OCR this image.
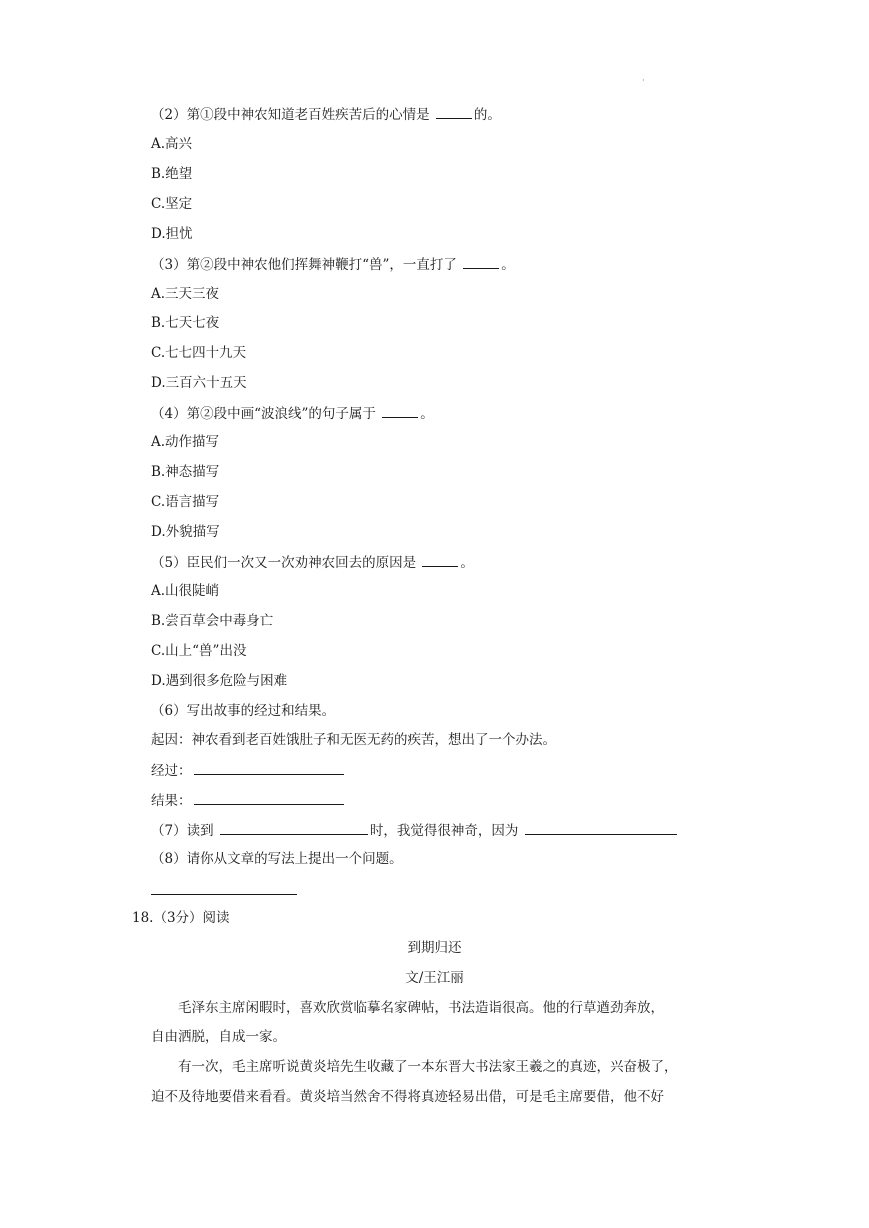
·
（2）第①段中神农知道老百姓疾苦后的心情是	的。
A.高兴
B.绝望
C.坚定
D.担忧
（3）第②段中神农他们挥舞神鞭打“兽”，一直打了	。
A.三天三夜
B.七天七夜
C.七七四十九天
D.三百六十五天
（4）第②段中画“波浪线”的句子属于	。
A.动作描写
B.神态描写
C.语言描写
D.外貌描写
（5）臣民们一次又一次劝神农回去的原因是	。
A.山很陡峭
B.尝百草会中毒身亡
C.山上“兽”出没
D.遇到很多危险与困难
（6）写出故事的经过和结果。
起因：神农看到老百姓饿肚子和无医无药的疾苦，想出了一个办法。
经过：
结果：
（7）读到	时，我觉得很神奇，因为
（8）请你从文章的写法上提出一个问题。
18.（3分）阅读
到期归还
文/王江丽
毛泽东主席闲暇时，喜欢欣赏临摹名家碑帖，书法造诣很高。他的行草遒劲奔放，
自由洒脱，自成一家。
有一次，毛主席听说黄炎培先生收藏了一本东晋大书法家王羲之的真迹，兴奋极了，
迫不及待地要借来看看。黄炎培当然舍不得将真迹轻易出借，可是毛主席要借，他不好
